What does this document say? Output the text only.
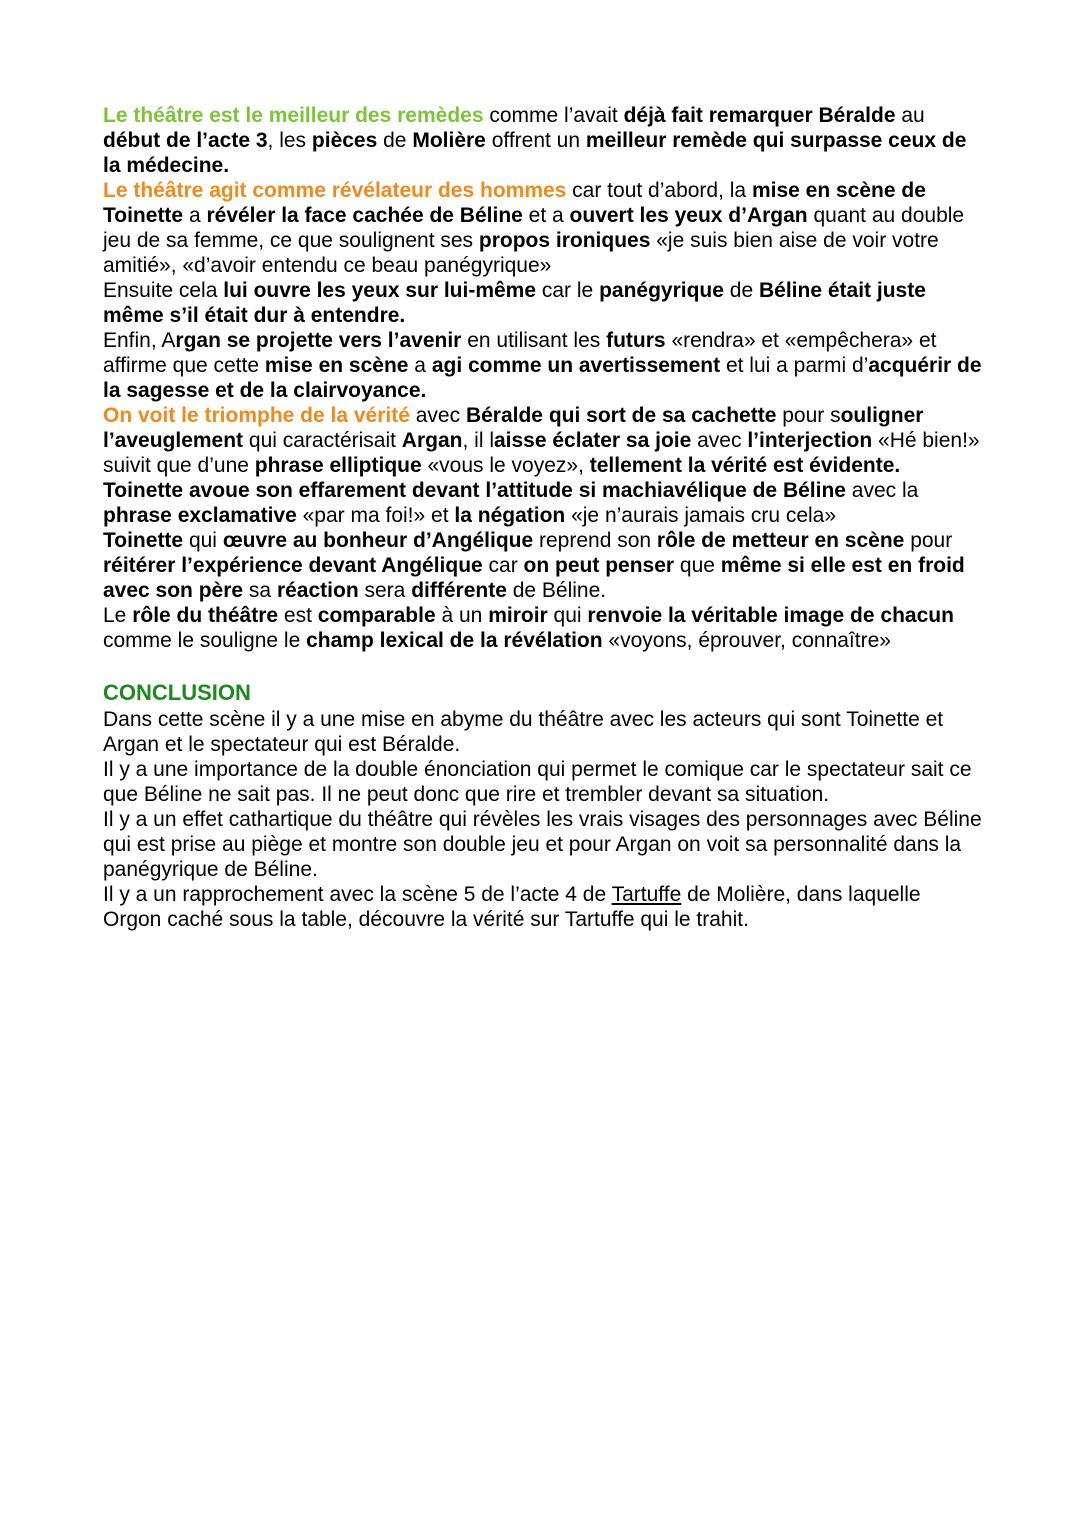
Le théâtre est le meilleur des remèdes comme l’avait déjà fait remarquer Béralde au début de l’acte 3, les pièces de Molière offrent un meilleur remède qui surpasse ceux de la médecine.

Le théâtre agit comme révélateur des hommes car tout d’abord, la mise en scène de Toinette a révéler la face cachée de Béline et a ouvert les yeux d’Argan quant au double jeu de sa femme, ce que soulignent ses propos ironiques «je suis bien aise de voir votre amitié», «d’avoir entendu ce beau panégyrique»

Ensuite cela lui ouvre les yeux sur lui-même car le panégyrique de Béline était juste même s’il était dur à entendre.

Enfin, Argan se projette vers l’avenir en utilisant les futurs «rendra» et «empêchera» et affirme que cette mise en scène a agi comme un avertissement et lui a parmi d’acquérir de la sagesse et de la clairvoyance.

On voit le triomphe de la vérité avec Béralde qui sort de sa cachette pour souligner l’aveuglement qui caractérisait Argan, il laisse éclater sa joie avec l’interjection «Hé bien!» suivit que d’une phrase elliptique «vous le voyez», tellement la vérité est évidente.

Toinette avoue son effarement devant l’attitude si machiavélique de Béline avec la phrase exclamative «par ma foi!» et la négation «je n’aurais jamais cru cela»

Toinette qui œuvre au bonheur d’Angélique reprend son rôle de metteur en scène pour réitérer l’expérience devant Angélique car on peut penser que même si elle est en froid avec son père sa réaction sera différente de Béline.

Le rôle du théâtre est comparable à un miroir qui renvoie la véritable image de chacun comme le souligne le champ lexical de la révélation «voyons, éprouver, connaître»

CONCLUSION

Dans cette scène il y a une mise en abyme du théâtre avec les acteurs qui sont Toinette et Argan et le spectateur qui est Béralde.

Il y a une importance de la double énonciation qui permet le comique car le spectateur sait ce que Béline ne sait pas. Il ne peut donc que rire et trembler devant sa situation.

Il y a un effet cathartique du théâtre qui révèles les vrais visages des personnages avec Béline qui est prise au piège et montre son double jeu et pour Argan on voit sa personnalité dans la panégyrique de Béline.

Il y a un rapprochement avec la scène 5 de l’acte 4 de Tartuffe de Molière, dans laquelle Orgon caché sous la table, découvre la vérité sur Tartuffe qui le trahit.
